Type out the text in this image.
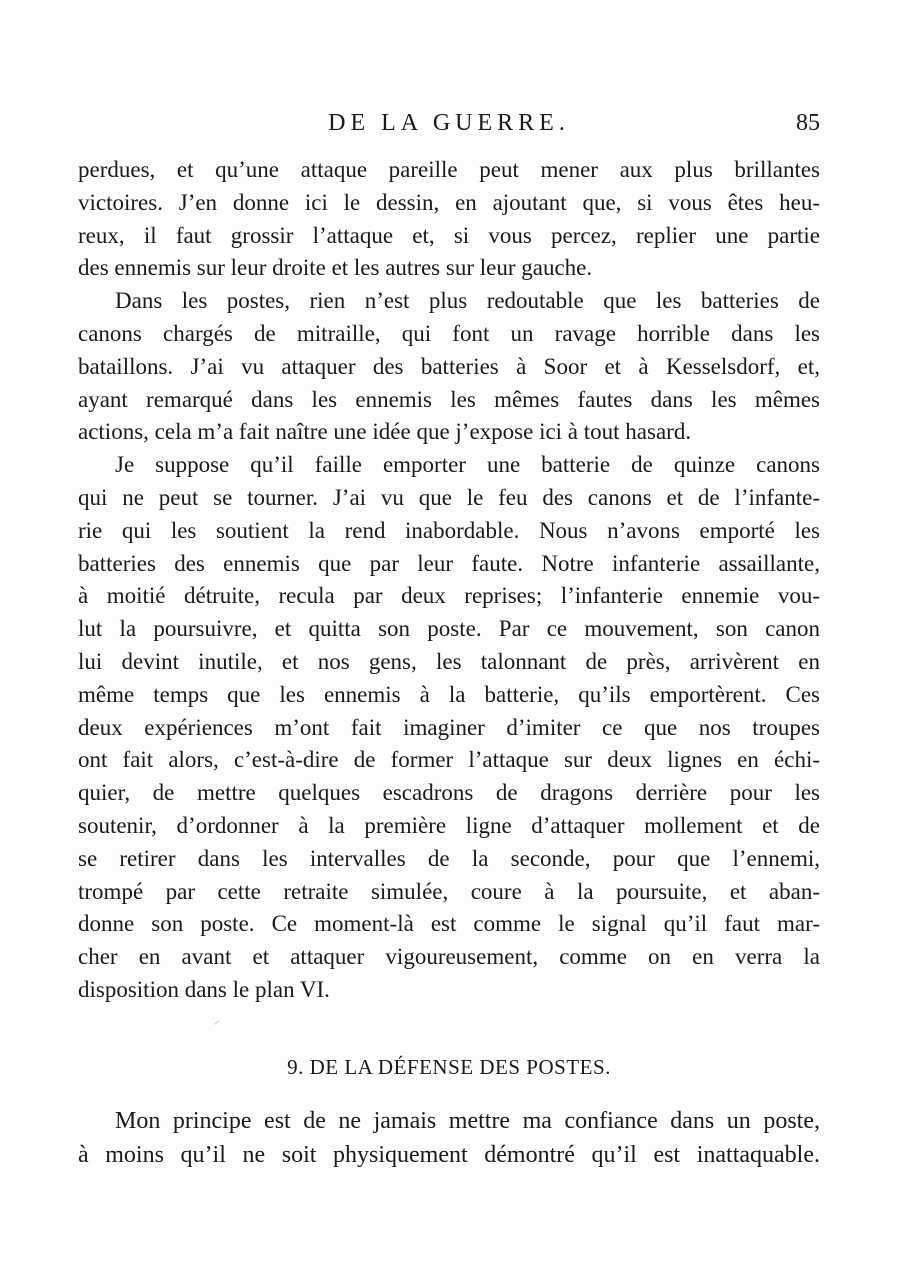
DE LA GUERRE.	85
perdues, et qu’une attaque pareille peut mener aux plus brillantes
victoires. J’en donne ici le dessin, en ajoutant que, si vous êtes heu-
reux, il faut grossir l’attaque et, si vous percez, replier une partie
des ennemis sur leur droite et les autres sur leur gauche.
Dans les postes, rien n’est plus redoutable que les batteries de
canons chargés de mitraille, qui font un ravage horrible dans les
bataillons. J’ai vu attaquer des batteries à Soor et à Kesselsdorf, et,
ayant remarqué dans les ennemis les mêmes fautes dans les mêmes
actions, cela m’a fait naître une idée que j’expose ici à tout hasard.
Je suppose qu’il faille emporter une batterie de quinze canons
qui ne peut se tourner. J’ai vu que le feu des canons et de l’infante-
rie qui les soutient la rend inabordable. Nous n’avons emporté les
batteries des ennemis que par leur faute. Notre infanterie assaillante,
à moitié détruite, recula par deux reprises; l’infanterie ennemie vou-
lut la poursuivre, et quitta son poste. Par ce mouvement, son canon
lui devint inutile, et nos gens, les talonnant de près, arrivèrent en
même temps que les ennemis à la batterie, qu’ils emportèrent. Ces
deux expériences m’ont fait imaginer d’imiter ce que nos troupes
ont fait alors, c’est-à-dire de former l’attaque sur deux lignes en échi-
quier, de mettre quelques escadrons de dragons derrière pour les
soutenir, d’ordonner à la première ligne d’attaquer mollement et de
se retirer dans les intervalles de la seconde, pour que l’ennemi,
trompé par cette retraite simulée, coure à la poursuite, et aban-
donne son poste. Ce moment-là est comme le signal qu’il faut mar-
cher en avant et attaquer vigoureusement, comme on en verra la
disposition dans le plan VI.
9. DE LA DÉFENSE DES POSTES.
Mon principe est de ne jamais mettre ma confiance dans un poste,
à moins qu’il ne soit physiquement démontré qu’il est inattaquable.
